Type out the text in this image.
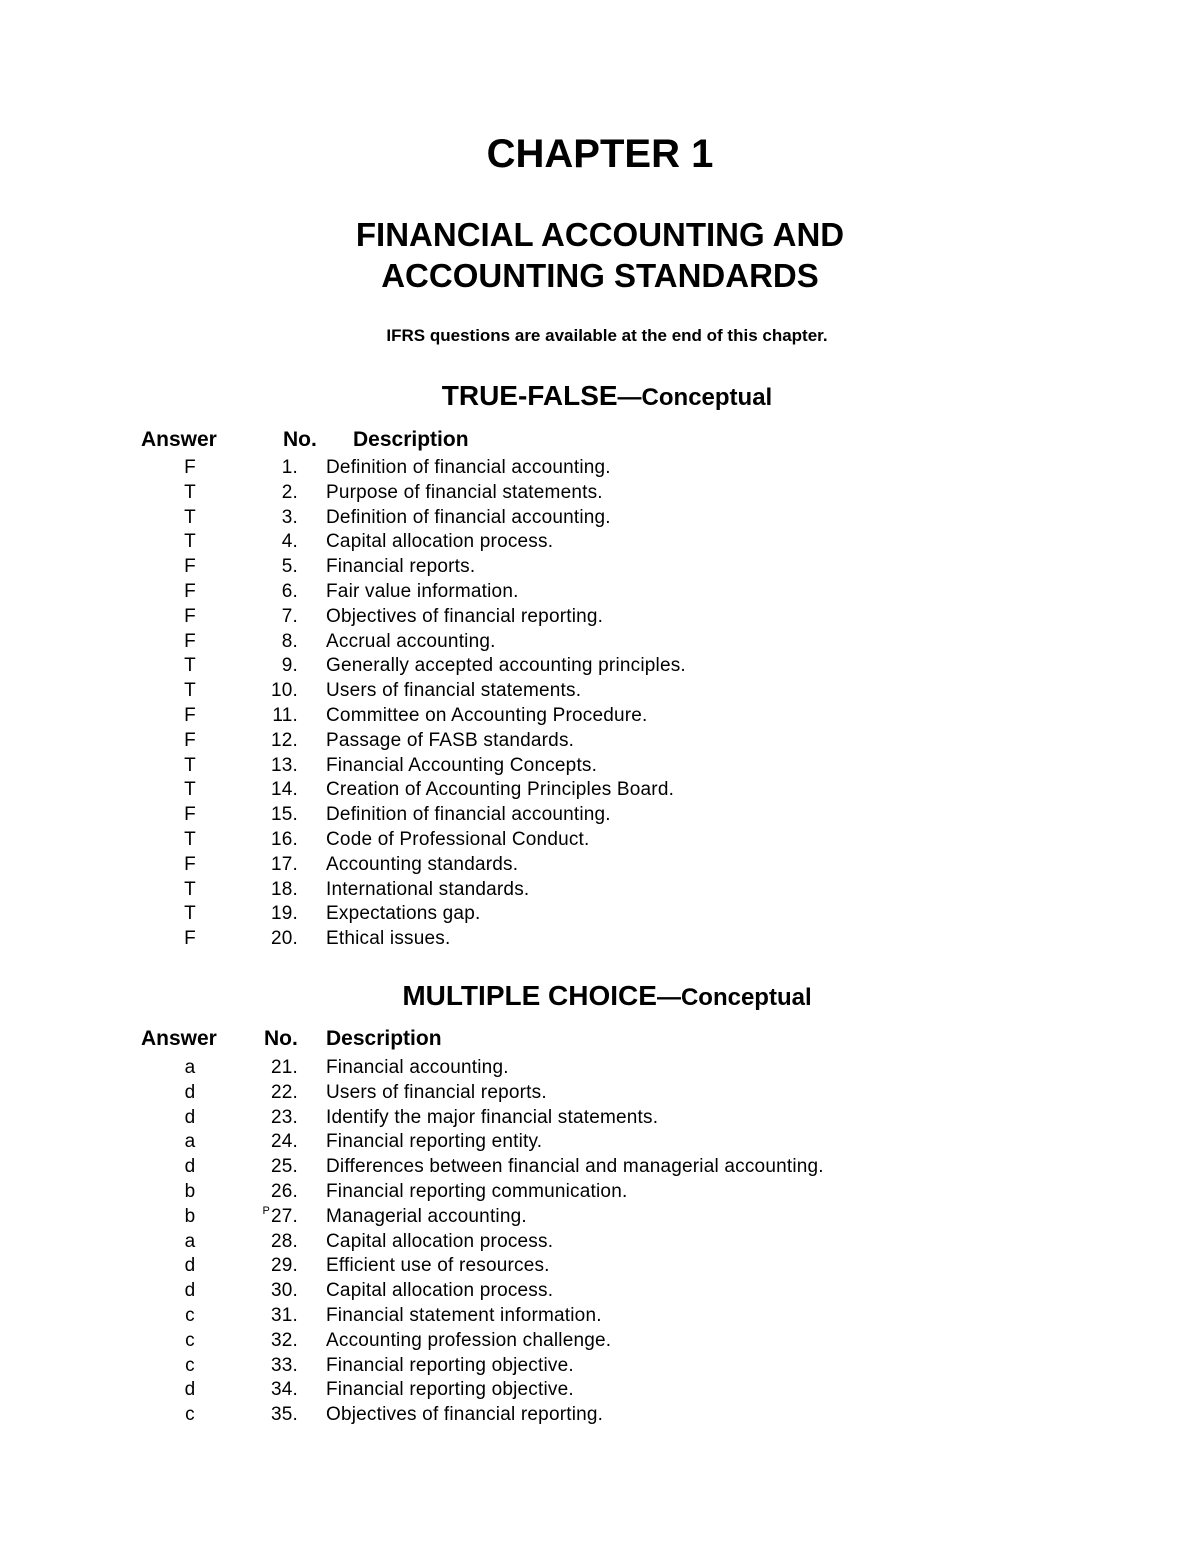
CHAPTER 1
FINANCIAL ACCOUNTING AND
ACCOUNTING STANDARDS
IFRS questions are available at the end of this chapter.
TRUE-FALSE—Conceptual
Answer	No. Description
F	1. Definition of financial accounting.
T	2. Purpose of financial statements.
T	3. Definition of financial accounting.
T	4. Capital allocation process.
F	5. Financial reports.
F	6. Fair value information.
F	7. Objectives of financial reporting.
F	8. Accrual accounting.
T	9. Generally accepted accounting principles.
T	10. Users of financial statements.
F	11. Committee on Accounting Procedure.
F	12. Passage of FASB standards.
T	13. Financial Accounting Concepts.
T	14. Creation of Accounting Principles Board.
F	15. Definition of financial accounting.
T	16. Code of Professional Conduct.
F	17. Accounting standards.
T	18. International standards.
T	19. Expectations gap.
F	20. Ethical issues.
MULTIPLE CHOICE—Conceptual
Answer No. Description
a	21. Financial accounting.
d	22. Users of financial reports.
d	23. Identify the major financial statements.
a	24. Financial reporting entity.
d	25. Differences between financial and managerial accounting.
b	26. Financial reporting communication.
b	$^P$27. Managerial accounting.
a	28. Capital allocation process.
d	29. Efficient use of resources.
d	30. Capital allocation process.
c	31. Financial statement information.
c	32. Accounting profession challenge.
c	33. Financial reporting objective.
d	34. Financial reporting objective.
c	35. Objectives of financial reporting.
